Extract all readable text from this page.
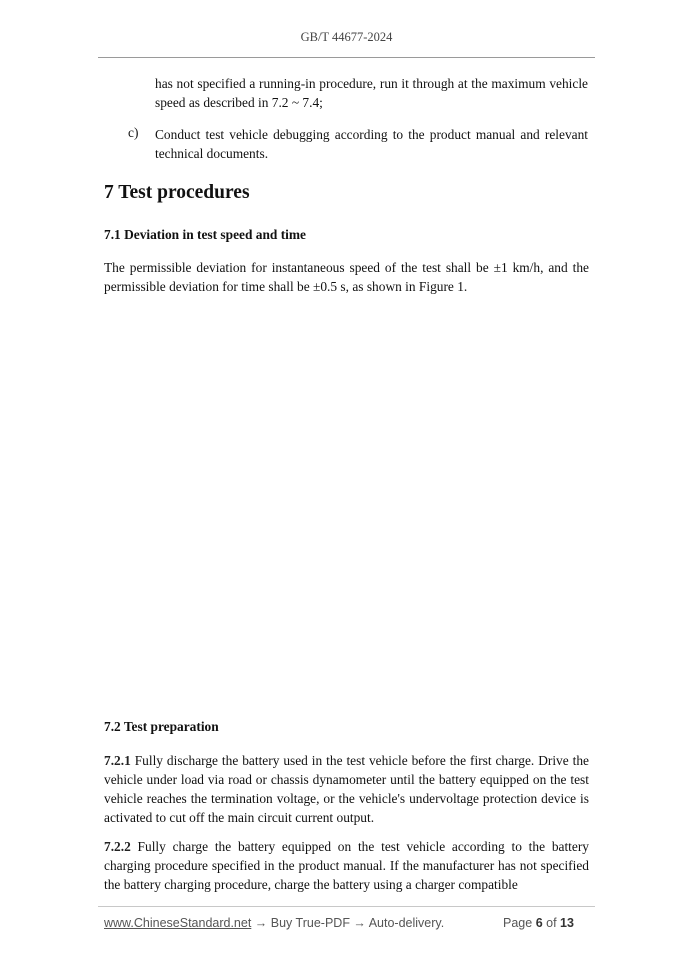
GB/T 44677-2024
has not specified a running-in procedure, run it through at the maximum vehicle speed as described in 7.2 ~ 7.4;
c) Conduct test vehicle debugging according to the product manual and relevant technical documents.
7 Test procedures
7.1 Deviation in test speed and time
The permissible deviation for instantaneous speed of the test shall be ±1 km/h, and the permissible deviation for time shall be ±0.5 s, as shown in Figure 1.
7.2 Test preparation
7.2.1 Fully discharge the battery used in the test vehicle before the first charge. Drive the vehicle under load via road or chassis dynamometer until the battery equipped on the test vehicle reaches the termination voltage, or the vehicle's undervoltage protection device is activated to cut off the main circuit current output.
7.2.2 Fully charge the battery equipped on the test vehicle according to the battery charging procedure specified in the product manual. If the manufacturer has not specified the battery charging procedure, charge the battery using a charger compatible
www.ChineseStandard.net → Buy True-PDF → Auto-delivery.	Page 6 of 13
